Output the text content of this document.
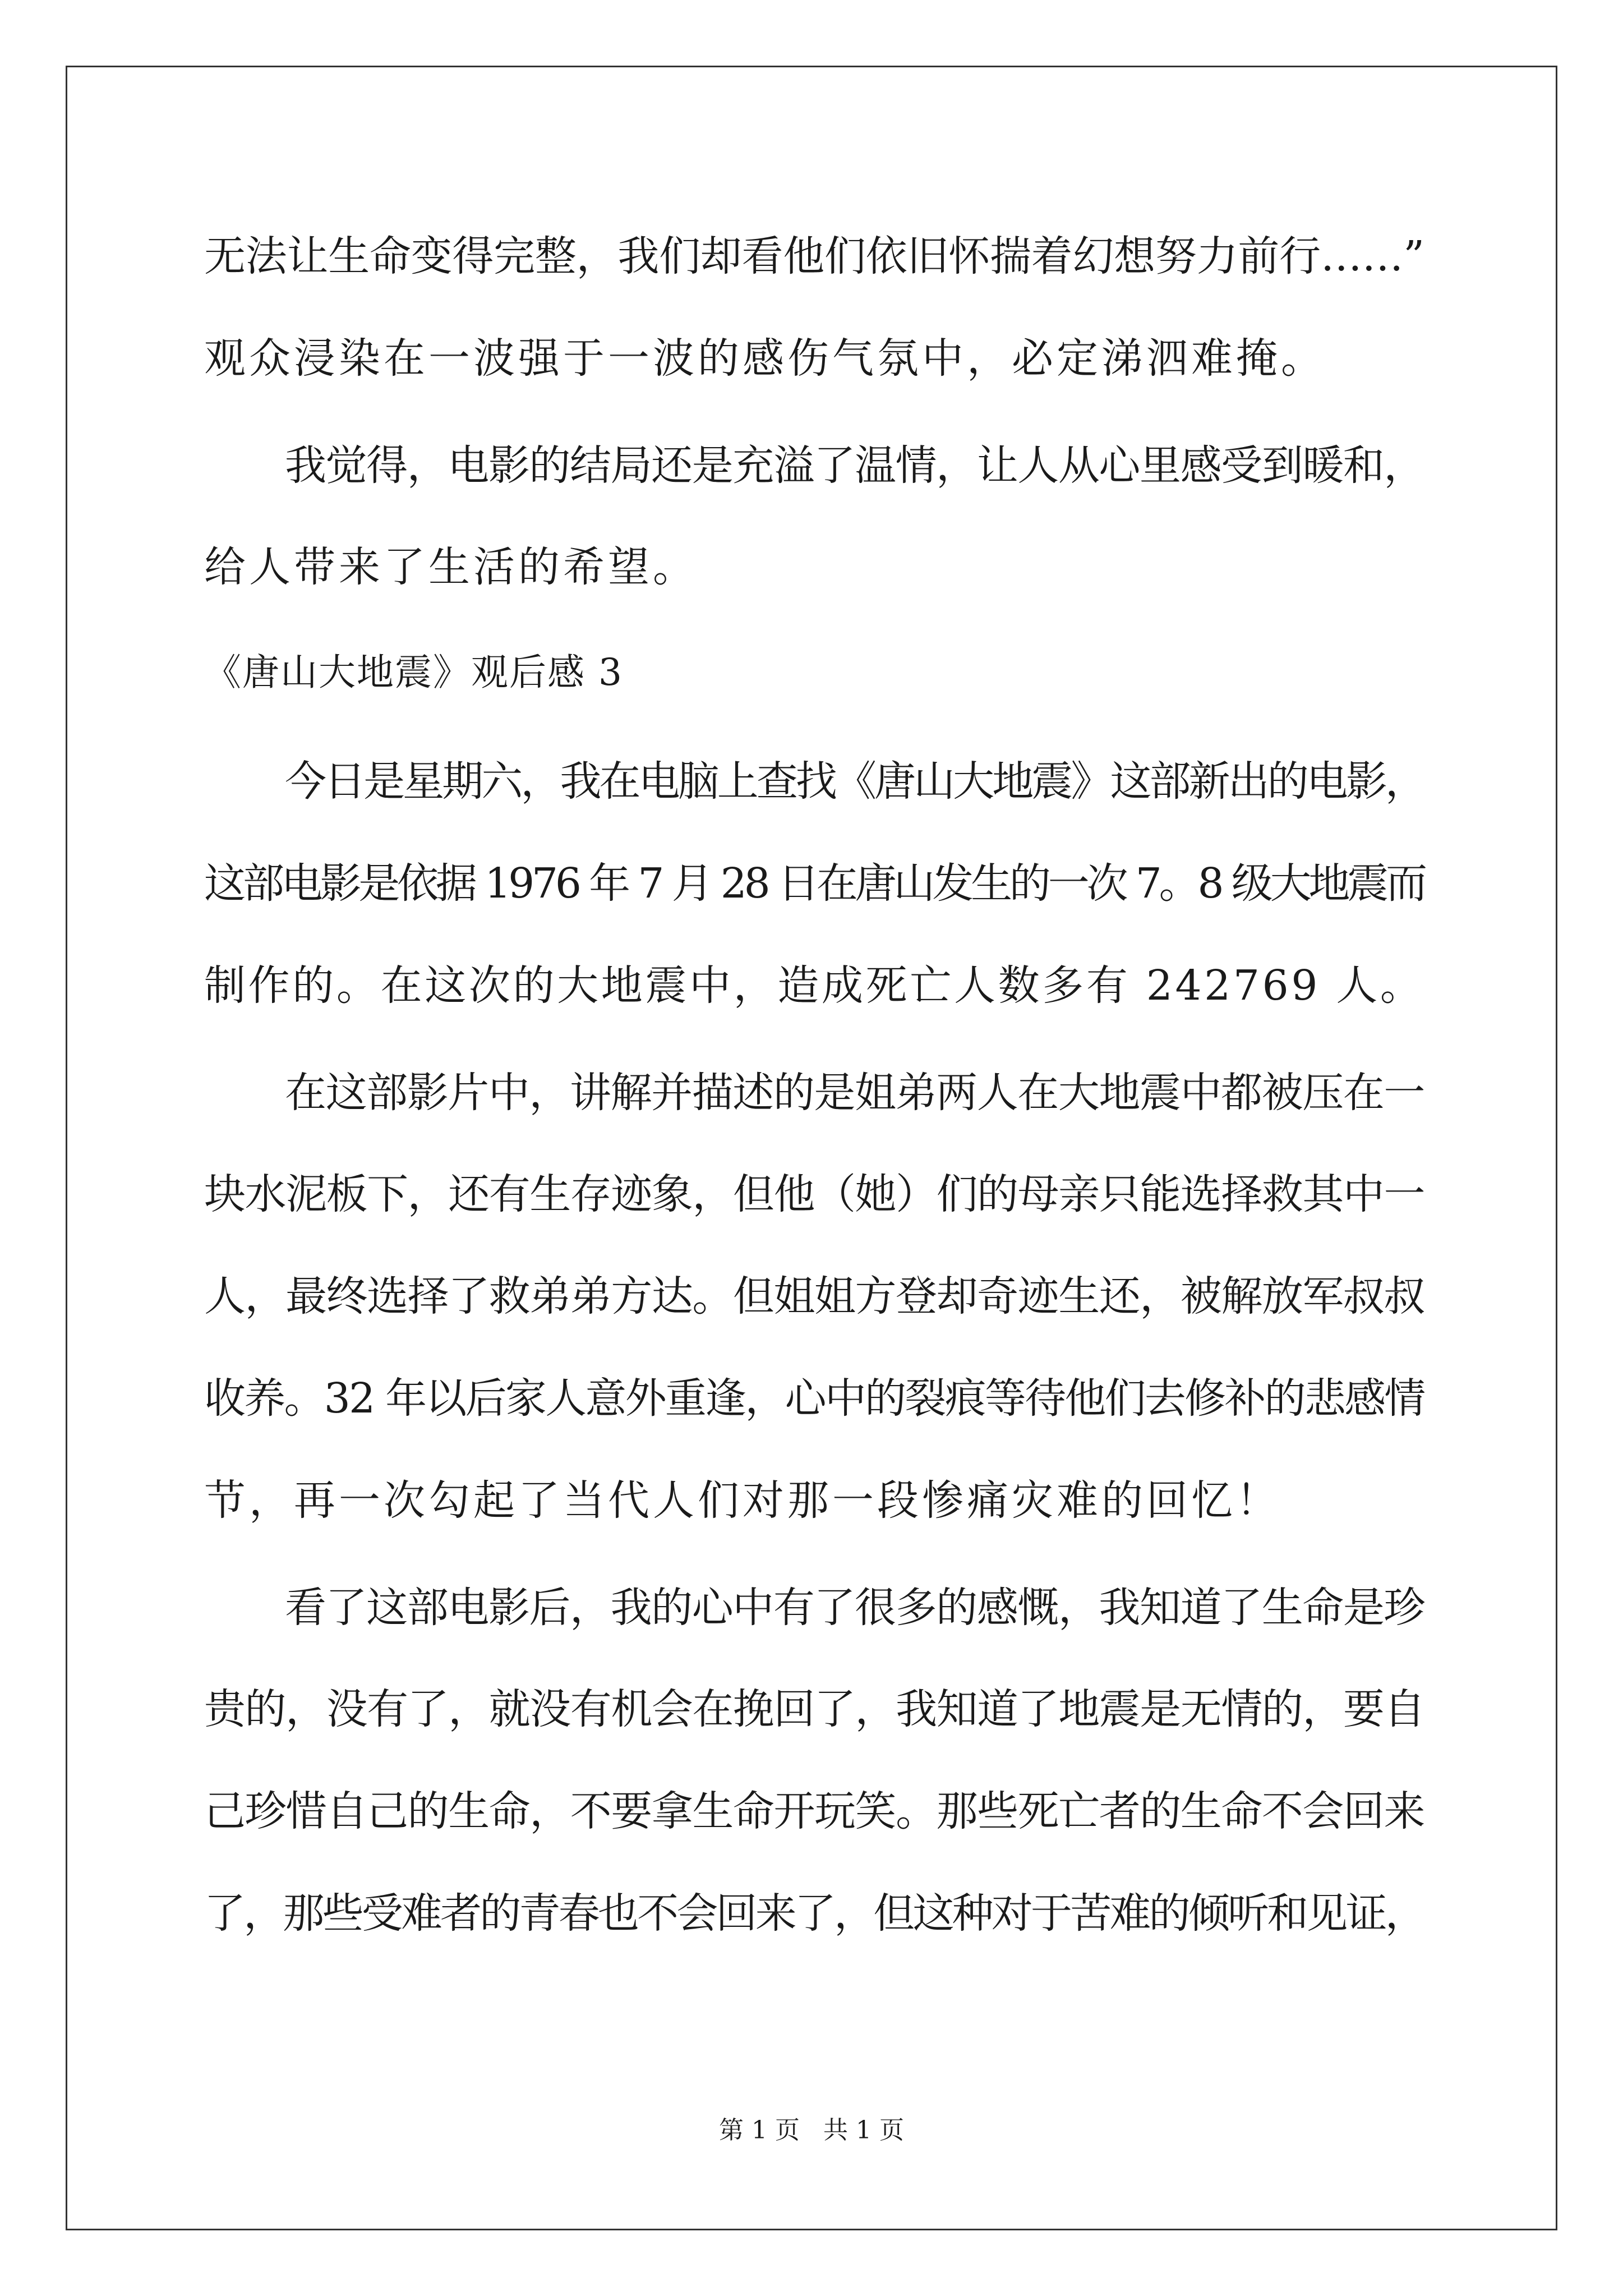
无法让生命变得完整，我们却看他们依旧怀揣着幻想努力前行……”
观众浸染在一波强于一波的感伤气氛中，必定涕泗难掩。
我觉得，电影的结局还是充溢了温情，让人从心里感受到暖和，
给人带来了生活的希望。
《唐山大地震》观后感 3
今日是星期六，我在电脑上查找《唐山大地震》这部新出的电影，
这部电影是依据 1976 年 7 月 28 日在唐山发生的一次 7。8 级大地震而
制作的。在这次的大地震中，造成死亡人数多有 242769 人。
在这部影片中，讲解并描述的是姐弟两人在大地震中都被压在一
块水泥板下，还有生存迹象，但他（她）们的母亲只能选择救其中一
人，最终选择了救弟弟方达。但姐姐方登却奇迹生还，被解放军叔叔
收养。32 年以后家人意外重逢，心中的裂痕等待他们去修补的悲感情
节，再一次勾起了当代人们对那一段惨痛灾难的回忆！
看了这部电影后，我的心中有了很多的感慨，我知道了生命是珍
贵的，没有了，就没有机会在挽回了，我知道了地震是无情的，要自
己珍惜自己的生命，不要拿生命开玩笑。那些死亡者的生命不会回来
了，那些受难者的青春也不会回来了，但这种对于苦难的倾听和见证，
第 1 页   共 1 页
